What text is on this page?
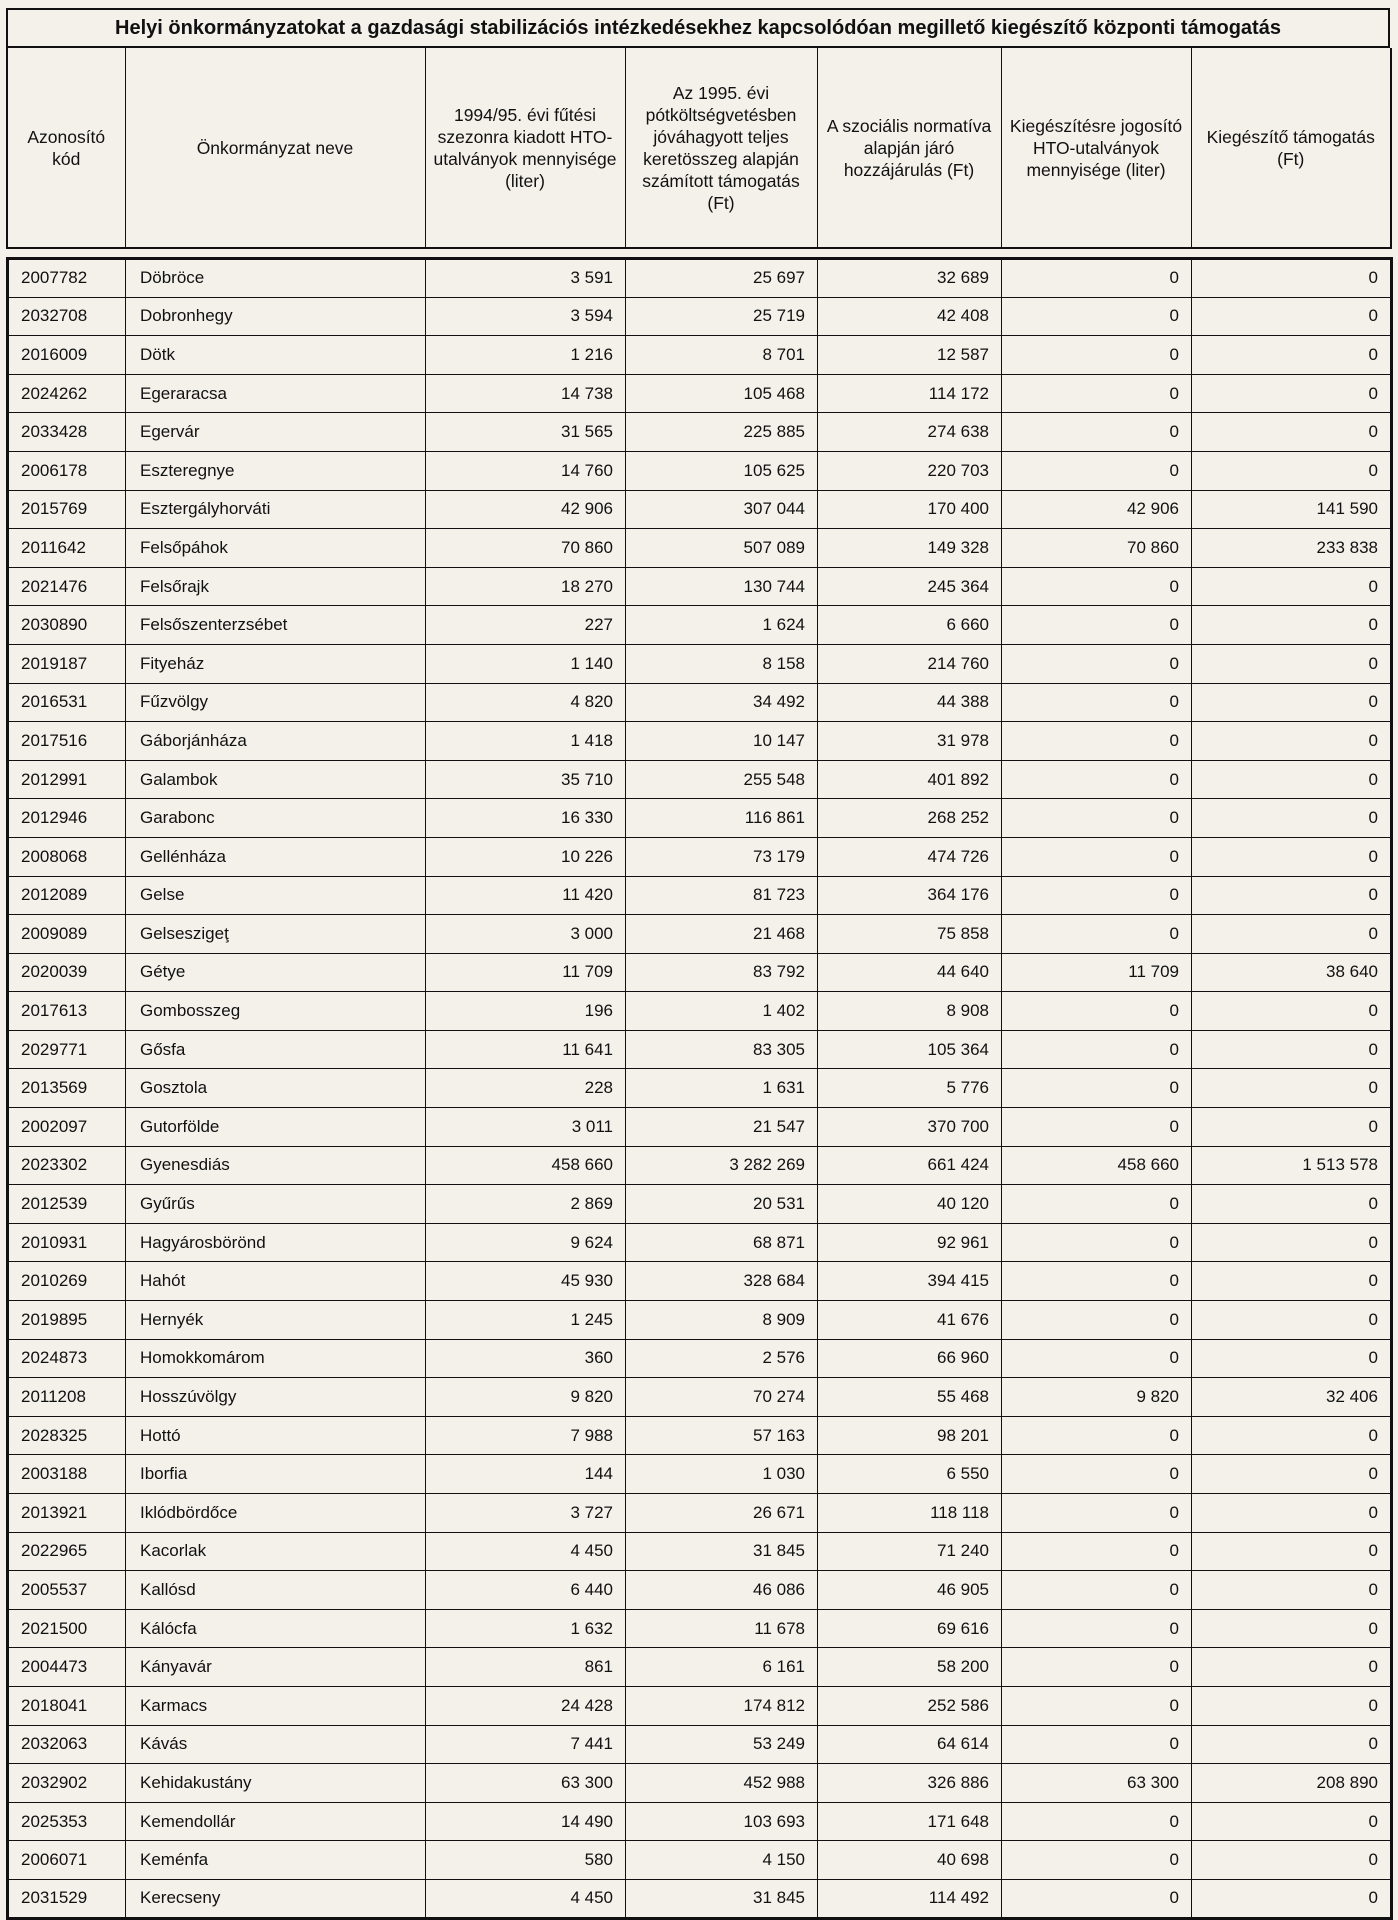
Helyi önkormányzatokat a gazdasági stabilizációs intézkedésekhez kapcsolódóan megillető kiegészítő központi támogatás
Azonosító kód	Önkormányzat neve	1994/95. évi fűtési szezonra kiadott HTO-utalványok mennyisége (liter)	Az 1995. évi pótköltségvetésben jóváhagyott teljes keretösszeg alapján számított támogatás (Ft)	A szociális normatíva alapján járó hozzájárulás (Ft)	Kiegészítésre jogosító HTO-utalványok mennyisége (liter)	Kiegészítő támogatás (Ft)
2007782	Döbröce	3 591	25 697	32 689	0	0
2032708	Dobronhegy	3 594	25 719	42 408	0	0
2016009	Dötk	1 216	8 701	12 587	0	0
2024262	Egeraracsa	14 738	105 468	114 172	0	0
2033428	Egervár	31 565	225 885	274 638	0	0
2006178	Eszteregnye	14 760	105 625	220 703	0	0
2015769	Esztergályhorváti	42 906	307 044	170 400	42 906	141 590
2011642	Felsőpáhok	70 860	507 089	149 328	70 860	233 838
2021476	Felsőrajk	18 270	130 744	245 364	0	0
2030890	Felsőszenterzsébet	227	1 624	6 660	0	0
2019187	Fityeház	1 140	8 158	214 760	0	0
2016531	Fűzvölgy	4 820	34 492	44 388	0	0
2017516	Gáborjánháza	1 418	10 147	31 978	0	0
2012991	Galambok	35 710	255 548	401 892	0	0
2012946	Garabonc	16 330	116 861	268 252	0	0
2008068	Gellénháza	10 226	73 179	474 726	0	0
2012089	Gelse	11 420	81 723	364 176	0	0
2009089	Gelseszigeţ	3 000	21 468	75 858	0	0
2020039	Gétye	11 709	83 792	44 640	11 709	38 640
2017613	Gombosszeg	196	1 402	8 908	0	0
2029771	Gősfa	11 641	83 305	105 364	0	0
2013569	Gosztola	228	1 631	5 776	0	0
2002097	Gutorfölde	3 011	21 547	370 700	0	0
2023302	Gyenesdiás	458 660	3 282 269	661 424	458 660	1 513 578
2012539	Gyűrűs	2 869	20 531	40 120	0	0
2010931	Hagyárosbörönd	9 624	68 871	92 961	0	0
2010269	Hahót	45 930	328 684	394 415	0	0
2019895	Hernyék	1 245	8 909	41 676	0	0
2024873	Homokkomárom	360	2 576	66 960	0	0
2011208	Hosszúvölgy	9 820	70 274	55 468	9 820	32 406
2028325	Hottó	7 988	57 163	98 201	0	0
2003188	Iborfia	144	1 030	6 550	0	0
2013921	Iklódbördőce	3 727	26 671	118 118	0	0
2022965	Kacorlak	4 450	31 845	71 240	0	0
2005537	Kallósd	6 440	46 086	46 905	0	0
2021500	Kálócfa	1 632	11 678	69 616	0	0
2004473	Kányavár	861	6 161	58 200	0	0
2018041	Karmacs	24 428	174 812	252 586	0	0
2032063	Kávás	7 441	53 249	64 614	0	0
2032902	Kehidakustány	63 300	452 988	326 886	63 300	208 890
2025353	Kemendollár	14 490	103 693	171 648	0	0
2006071	Keménfa	580	4 150	40 698	0	0
2031529	Kerecseny	4 450	31 845	114 492	0	0
